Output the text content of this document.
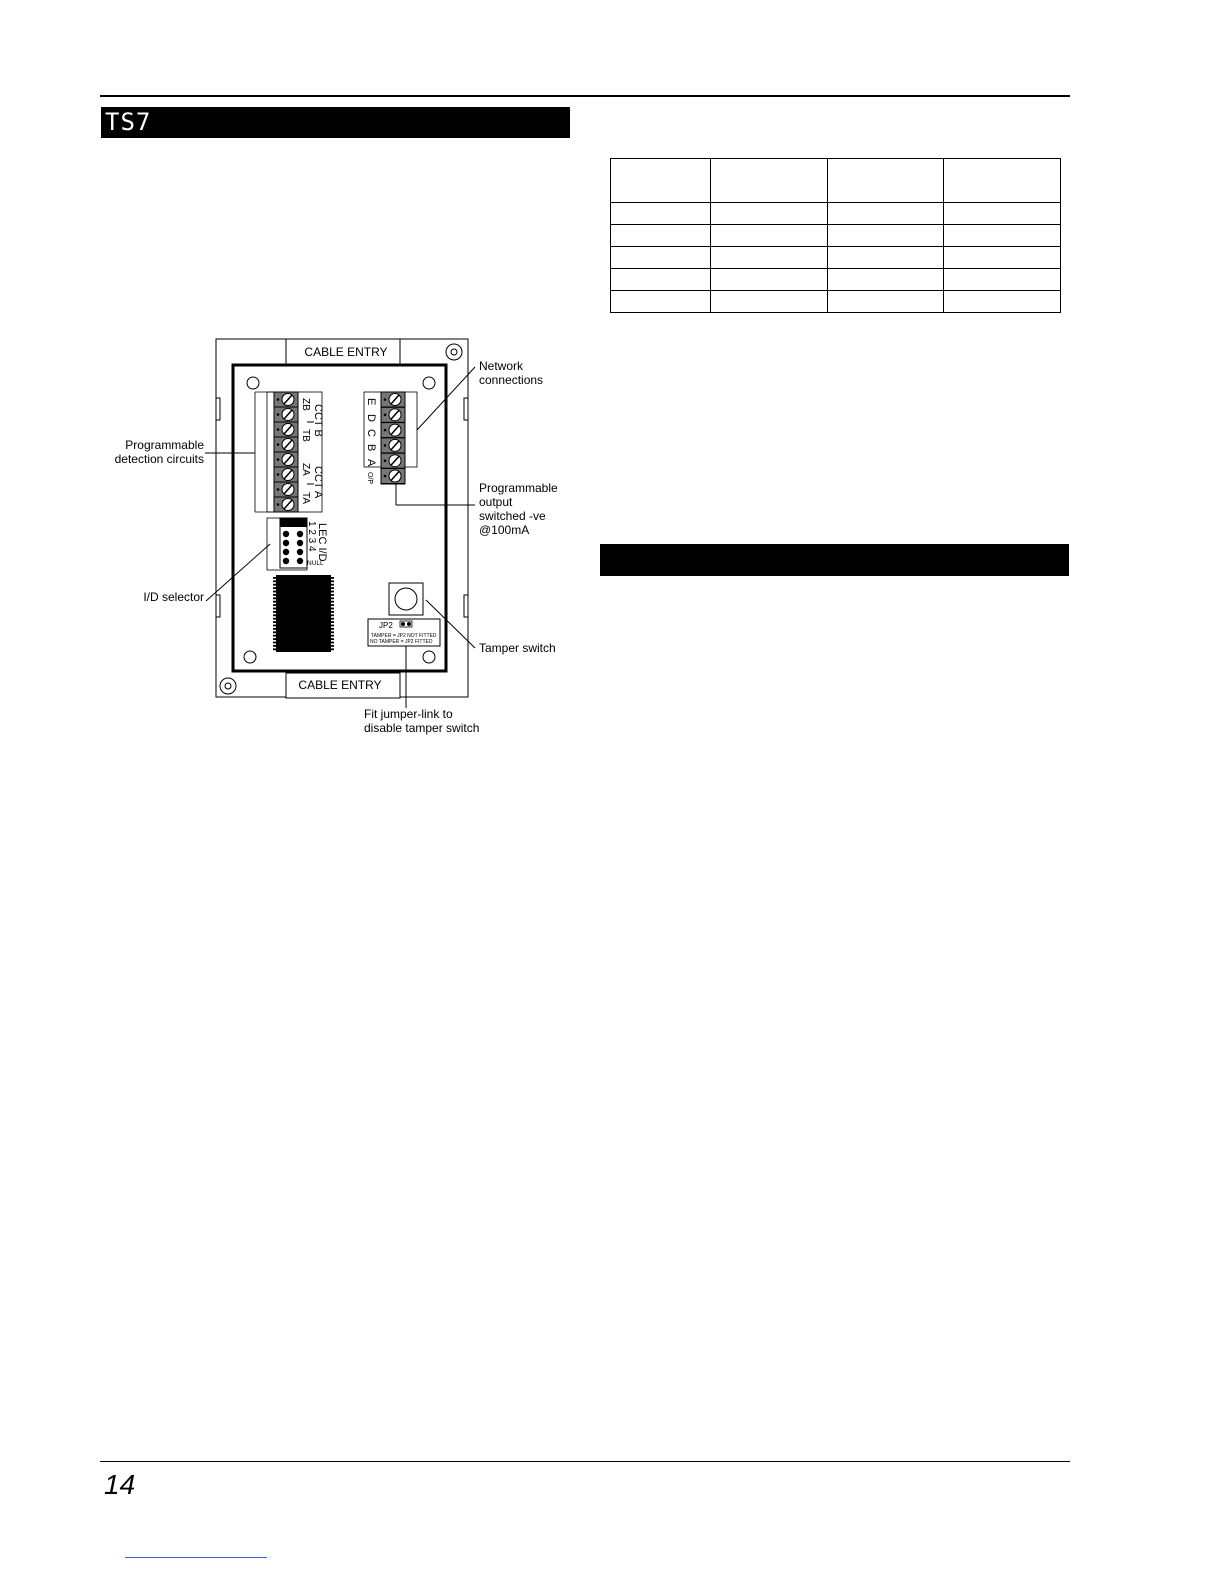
TS7

CABLE ENTRY
CABLE ENTRY
ZB
TB
ZA
TA
CCT B
CCT A
E
D
C
B
A
O/P
1 2 3 4 LEC I/D
NULL
JP2
TAMPER = JP2 NOT FITTED
NO TAMPER = JP2 FITTED
Network
connections
Programmable
detection circuits
Programmable
output
switched -ve
@100mA
I/D selector
Tamper switch
Fit jumper-link to
disable tamper switch
14
